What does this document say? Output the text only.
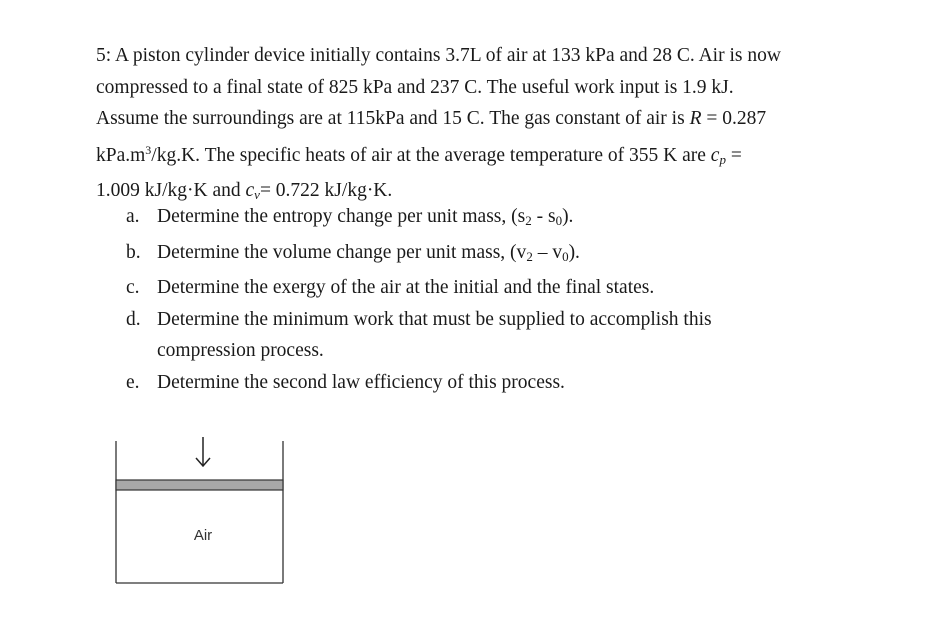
5: A piston cylinder device initially contains 3.7L of air at 133 kPa and 28 C. Air is now
compressed to a final state of 825 kPa and 237 C. The useful work input is 1.9 kJ.
Assume the surroundings are at 115kPa and 15 C. The gas constant of air is R = 0.287
$kPa.m^3/kg.K$. The specific heats of air at the average temperature of 355 K are $c_p$ =
1.009 kJ/kg·K and $c_v= 0.722$ kJ/kg·K.
a. Determine the entropy change per unit mass, $(s_2 - s_0)$.
b. Determine the volume change per unit mass, $(v_2 - v_0)$.
c. Determine the exergy of the air at the initial and the final states.
d. Determine the minimum work that must be supplied to accomplish this
compression process.
e. Determine the second law efficiency of this process.
Air
